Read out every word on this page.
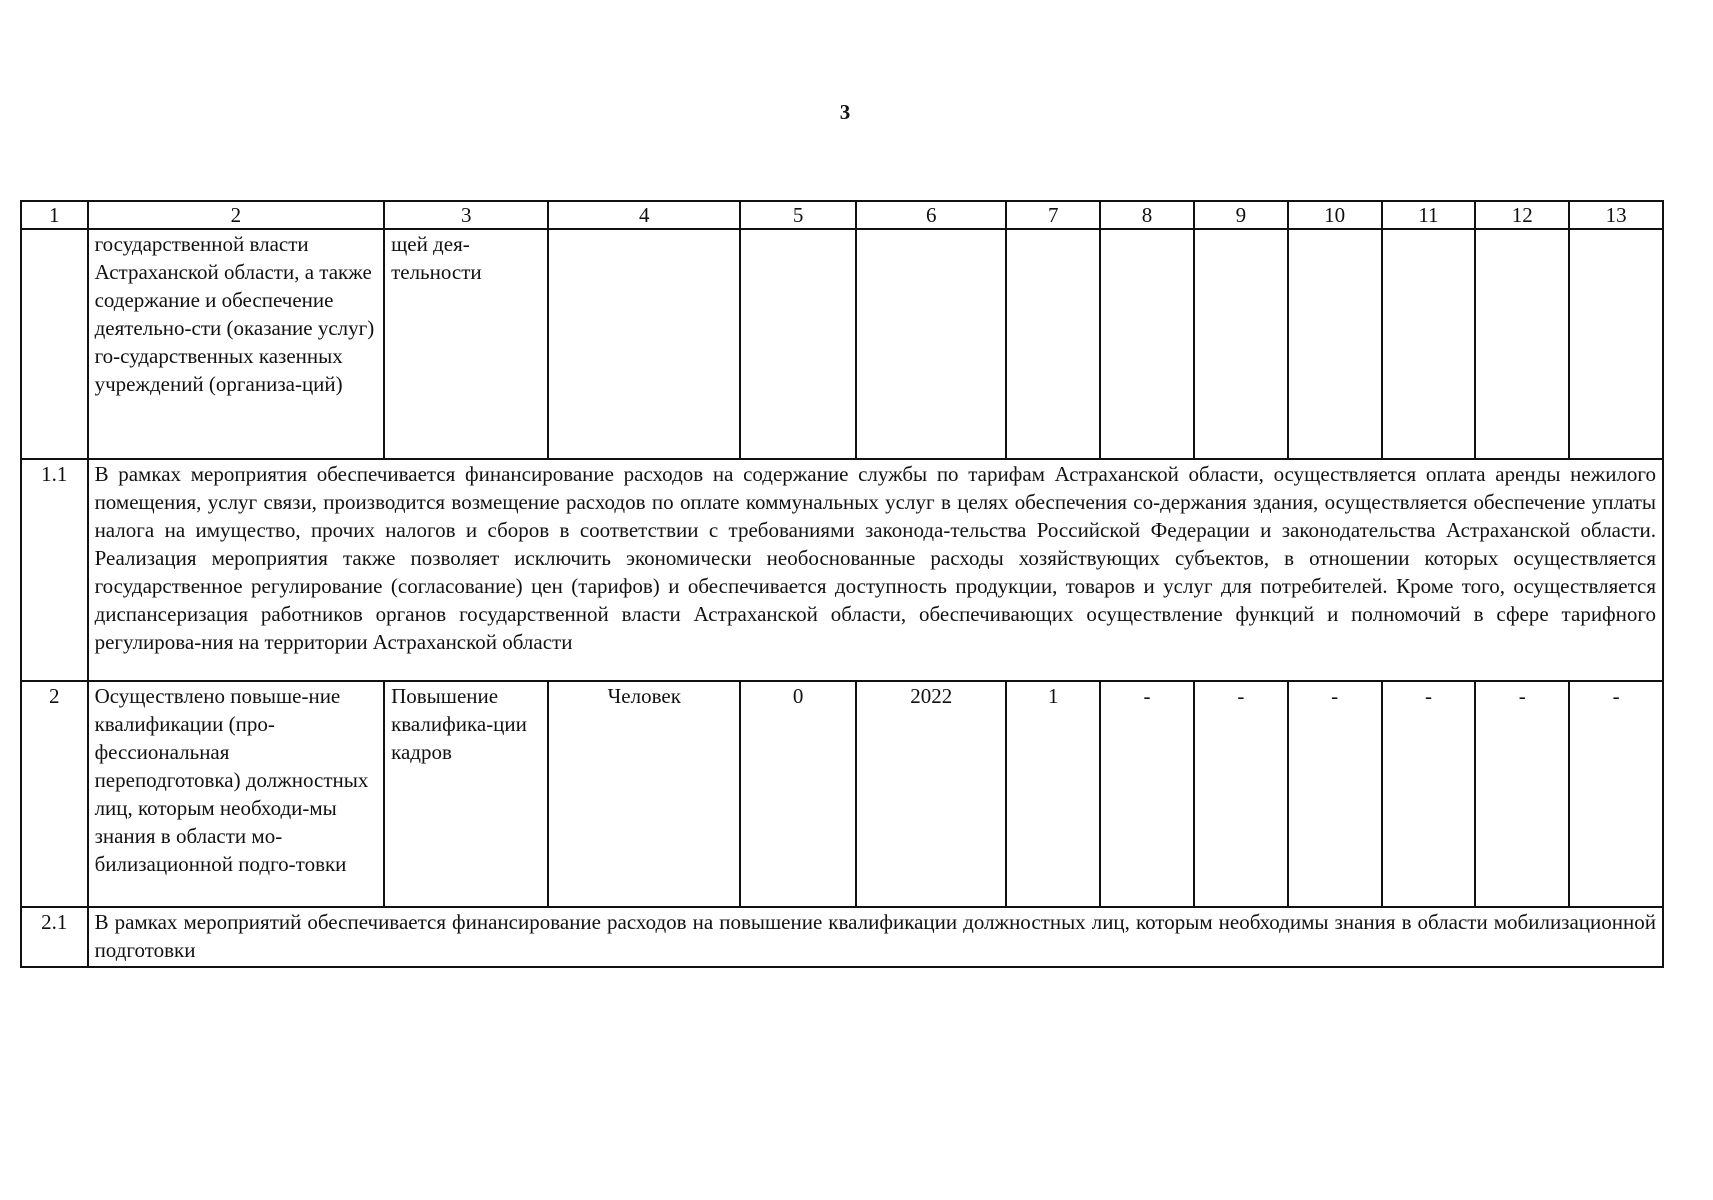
3
1	2	3	4	5	6	7	8	9	10	11	12	13
	государственной власти Астраханской области, а также содержание и обеспечение деятельно-сти (оказание услуг) го-сударственных казенных учреждений (организа-ций)	щей дея-тельности										
1.1	В рамках мероприятия обеспечивается финансирование расходов на содержание службы по тарифам Астраханской области, осуществляется оплата аренды нежилого помещения, услуг связи, производится возмещение расходов по оплате коммунальных услуг в целях обеспечения со-держания здания, осуществляется обеспечение уплаты налога на имущество, прочих налогов и сборов в соответствии с требованиями законода-тельства Российской Федерации и законодательства Астраханской области. Реализация мероприятия также позволяет исключить экономически необоснованные расходы хозяйствующих субъектов, в отношении которых осуществляется государственное регулирование (согласование) цен (тарифов) и обеспечивается доступность продукции, товаров и услуг для потребителей. Кроме того, осуществляется диспансеризация работников органов государственной власти Астраханской области, обеспечивающих осуществление функций и полномочий в сфере тарифного регулирова-ния на территории Астраханской области											
2	Осуществлено повыше-ние квалификации (про-фессиональная переподготовка) должностных лиц, которым необходи-мы знания в области мо-билизационной подго-товки	Повышение квалифика-ции кадров	Человек	0	2022	1	-	-	-	-	-	-
2.1	В рамках мероприятий обеспечивается финансирование расходов на повышение квалификации должностных лиц, которым необходимы знания в области мобилизационной подготовки											
